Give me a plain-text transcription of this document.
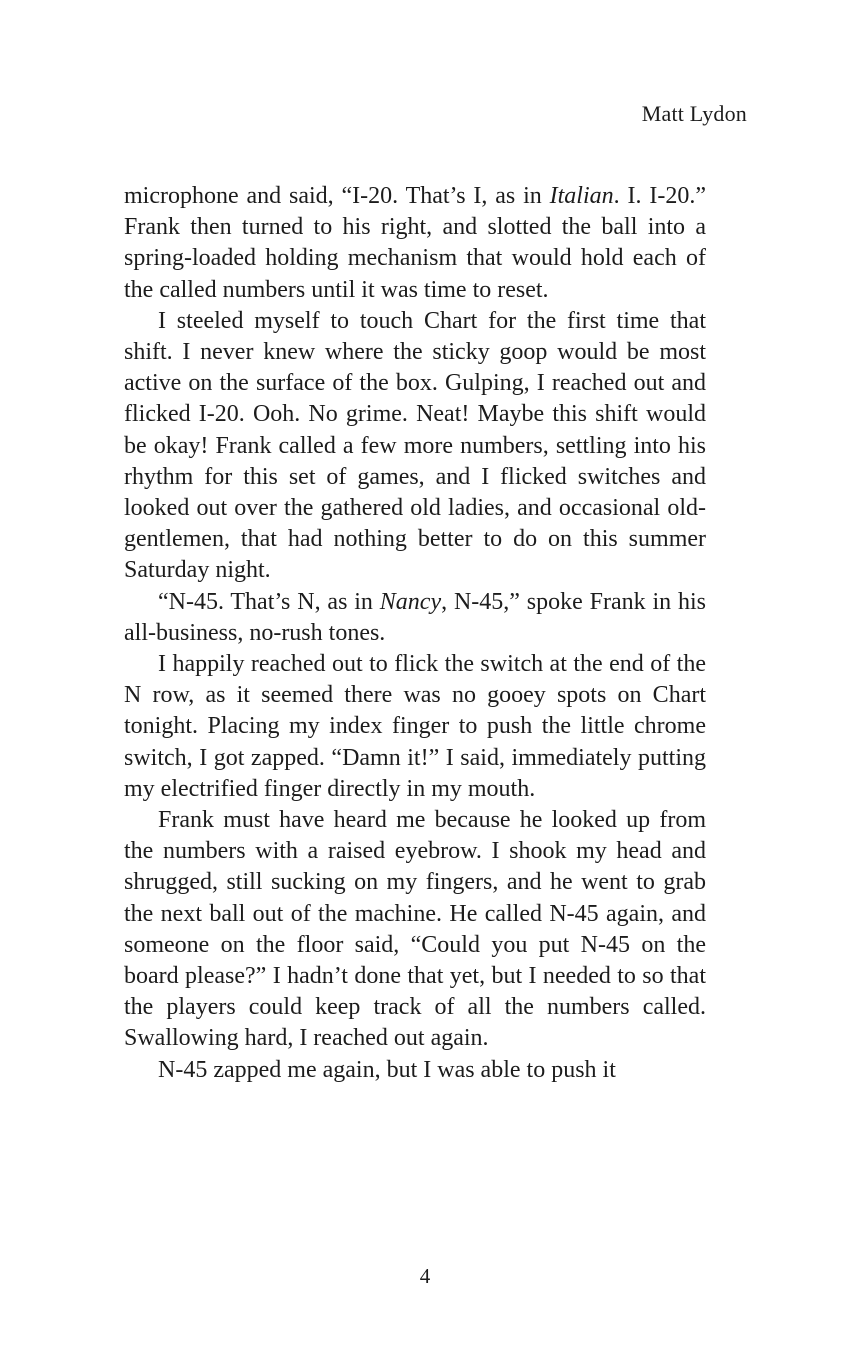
Matt Lydon

microphone and said, “I-20. That’s I, as in Italian. I. I-20.” Frank then turned to his right, and slotted the ball into a spring-loaded holding mechanism that would hold each of the called numbers until it was time to reset.

I steeled myself to touch Chart for the first time that shift. I never knew where the sticky goop would be most active on the surface of the box. Gulping, I reached out and flicked I-20. Ooh. No grime. Neat! Maybe this shift would be okay! Frank called a few more numbers, settling into his rhythm for this set of games, and I flicked switches and looked out over the gathered old ladies, and occasional old-gentlemen, that had nothing better to do on this summer Saturday night.

“N-45. That’s N, as in Nancy, N-45,” spoke Frank in his all-business, no-rush tones.

I happily reached out to flick the switch at the end of the N row, as it seemed there was no gooey spots on Chart tonight. Placing my index finger to push the little chrome switch, I got zapped. “Damn it!” I said, immediately putting my electrified finger directly in my mouth.

Frank must have heard me because he looked up from the numbers with a raised eyebrow. I shook my head and shrugged, still sucking on my fingers, and he went to grab the next ball out of the machine. He called N-45 again, and someone on the floor said, “Could you put N-45 on the board please?” I hadn’t done that yet, but I needed to so that the players could keep track of all the numbers called. Swallowing hard, I reached out again.

N-45 zapped me again, but I was able to push it

4
